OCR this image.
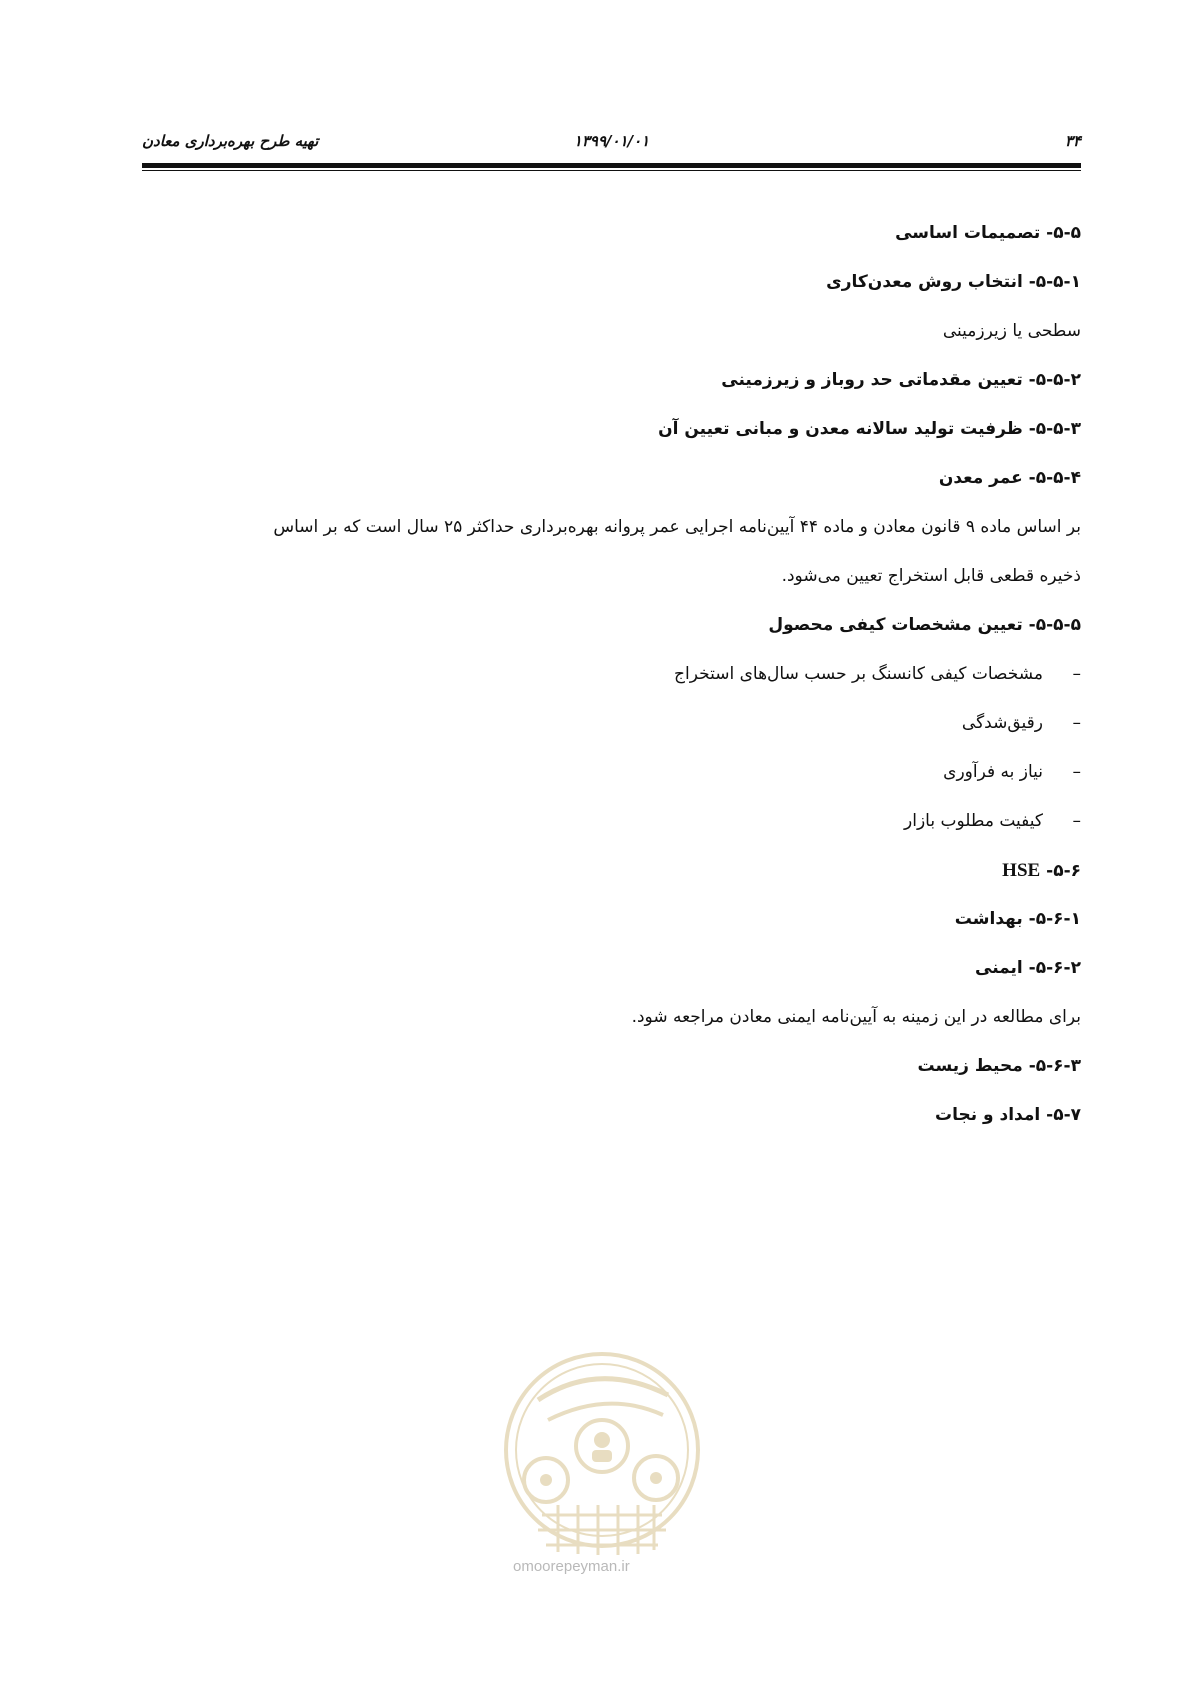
۳۴
۱۳۹۹/۰۱/۰۱
تهیه طرح بهره‌برداری معادن
۵-۵- تصمیمات اساسی
۵-۵-۱- انتخاب روش معدن‌کاری
سطحی یا زیرزمینی
۵-۵-۲- تعیین مقدماتی حد روباز و زیرزمینی
۵-۵-۳- ظرفیت تولید سالانه معدن و مبانی تعیین آن
۵-۵-۴- عمر معدن
بر اساس ماده ۹ قانون معادن و ماده ۴۴ آیین‌نامه اجرایی عمر پروانه بهره‌برداری حداکثر ۲۵ سال است که بر اساس
ذخیره قطعی قابل استخراج تعیین می‌شود.
۵-۵-۵- تعیین مشخصات کیفی محصول
–
مشخصات کیفی کانسنگ بر حسب سال‌های استخراج
–
رقیق‌شدگی
–
نیاز به فرآوری
–
کیفیت مطلوب بازار
۵-۶- HSE
۵-۶-۱- بهداشت
۵-۶-۲- ایمنی
برای مطالعه در این زمینه به آیین‌نامه ایمنی معادن مراجعه شود.
۵-۶-۳- محیط زیست
۵-۷- امداد و نجات
omoorepeyman.ir
